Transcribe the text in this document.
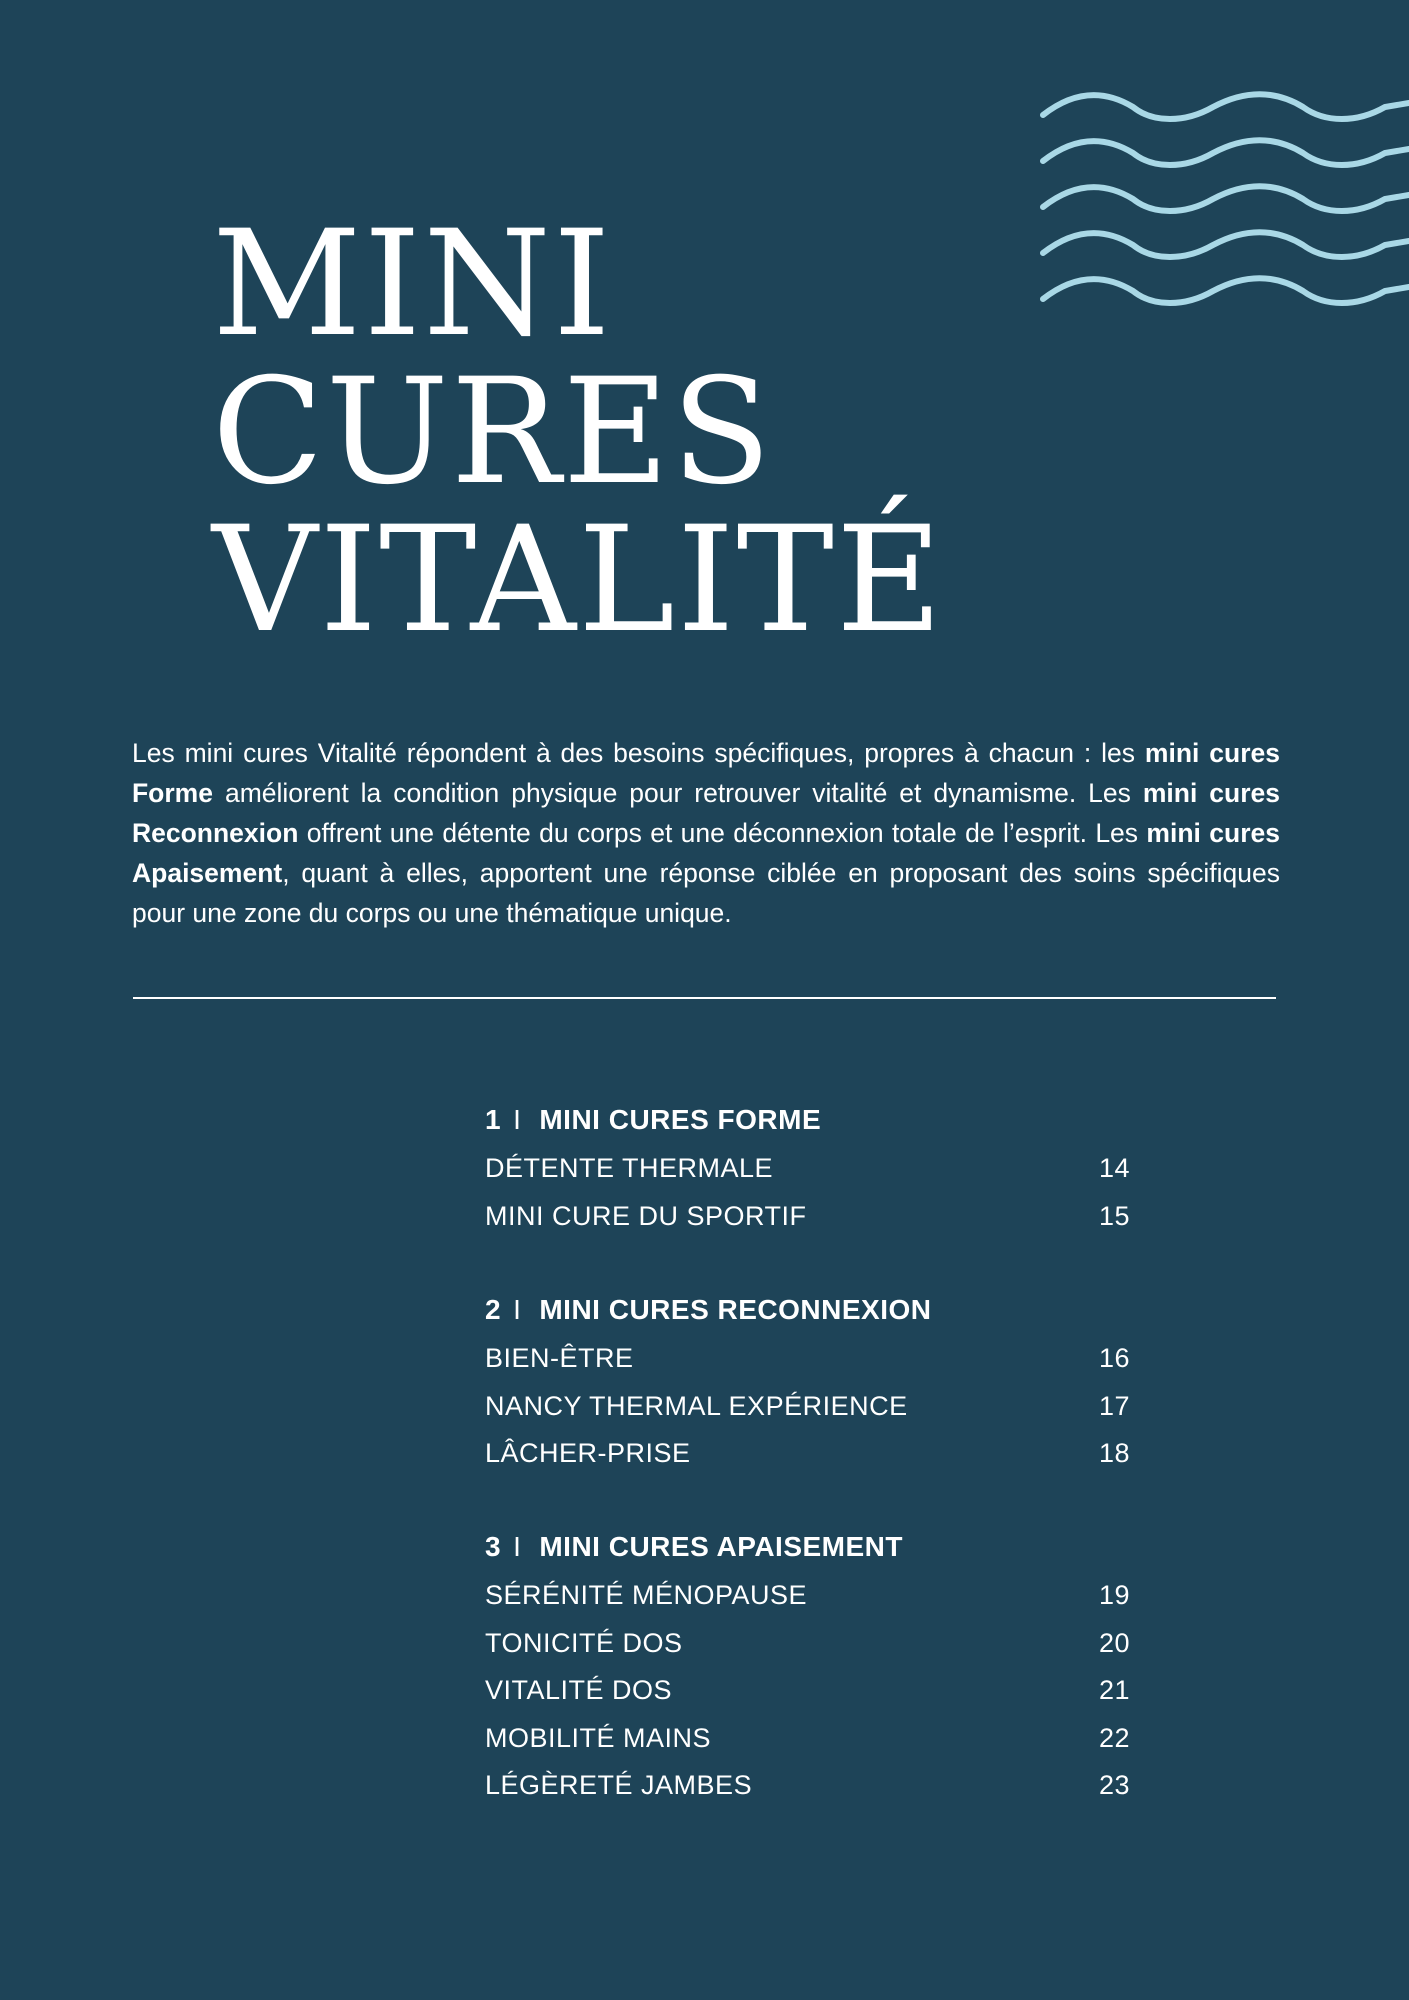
MINI
CURES
VITALITÉ

Les mini cures Vitalité répondent à des besoins spécifiques, propres à chacun : les mini cures Forme améliorent la condition physique pour retrouver vitalité et dynamisme. Les mini cures Reconnexion offrent une détente du corps et une déconnexion totale de l’esprit. Les mini cures Apaisement, quant à elles, apportent une réponse ciblée en proposant des soins spécifiques pour une zone du corps ou une thématique unique.

1 I MINI CURES FORME
DÉTENTE THERMALE	14
MINI CURE DU SPORTIF	15
2 I MINI CURES RECONNEXION
BIEN-ÊTRE	16
NANCY THERMAL EXPÉRIENCE	17
LÂCHER-PRISE	18
3 I MINI CURES APAISEMENT
SÉRÉNITÉ MÉNOPAUSE	19
TONICITÉ DOS	20
VITALITÉ DOS	21
MOBILITÉ MAINS	22
LÉGÈRETÉ JAMBES	23
